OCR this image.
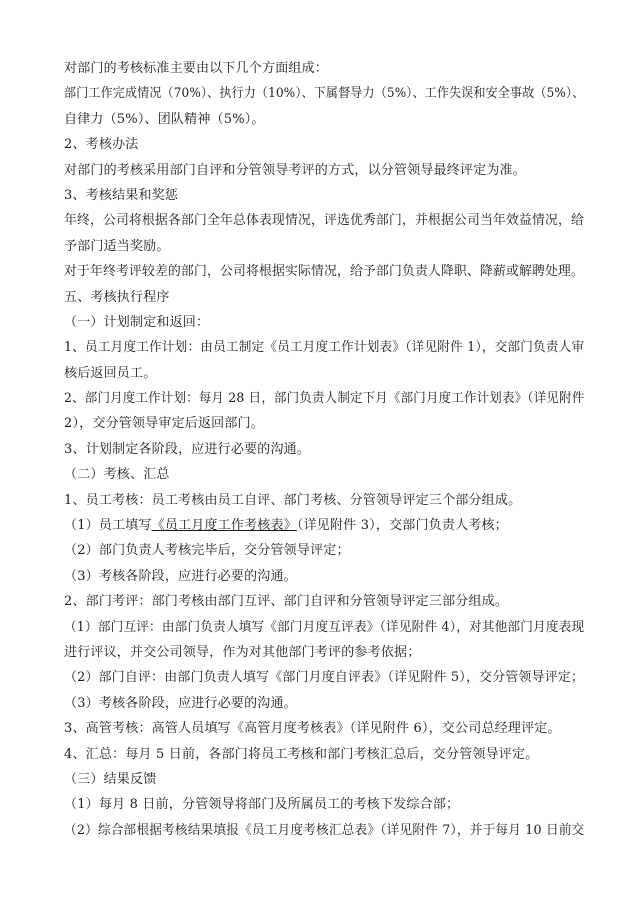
对部门的考核标准主要由以下几个方面组成：
部门工作完成情况（70%）、执行力（10%）、下属督导力（5%）、工作失误和安全事故（5%）、
自律力（5%）、团队精神（5%）。
2、考核办法
对部门的考核采用部门自评和分管领导考评的方式，以分管领导最终评定为准。
3、考核结果和奖惩
年终，公司将根据各部门全年总体表现情况，评选优秀部门，并根据公司当年效益情况，给
予部门适当奖励。
对于年终考评较差的部门，公司将根据实际情况，给予部门负责人降职、降薪或解聘处理。
五、考核执行程序
（一）计划制定和返回：
1、员工月度工作计划：由员工制定《员工月度工作计划表》（详见附件 1），交部门负责人审
核后返回员工。
2、部门月度工作计划：每月 28 日，部门负责人制定下月《部门月度工作计划表》（详见附件
2），交分管领导审定后返回部门。
3、计划制定各阶段，应进行必要的沟通。
（二）考核、汇总
1、员工考核：员工考核由员工自评、部门考核、分管领导评定三个部分组成。
（1）员工填写《员工月度工作考核表》（详见附件 3），交部门负责人考核；
（2）部门负责人考核完毕后，交分管领导评定；
（3）考核各阶段，应进行必要的沟通。
2、部门考评：部门考核由部门互评、部门自评和分管领导评定三部分组成。
（1）部门互评：由部门负责人填写《部门月度互评表》（详见附件 4），对其他部门月度表现
进行评议，并交公司领导，作为对其他部门考评的参考依据；
（2）部门自评：由部门负责人填写《部门月度自评表》（详见附件 5），交分管领导评定；
（3）考核各阶段，应进行必要的沟通。
3、高管考核：高管人员填写《高管月度考核表》（详见附件 6），交公司总经理评定。
4、汇总：每月 5 日前，各部门将员工考核和部门考核汇总后，交分管领导评定。
（三）结果反馈
（1）每月 8 日前，分管领导将部门及所属员工的考核下发综合部；
（2）综合部根据考核结果填报《员工月度考核汇总表》（详见附件 7），并于每月 10 日前交
